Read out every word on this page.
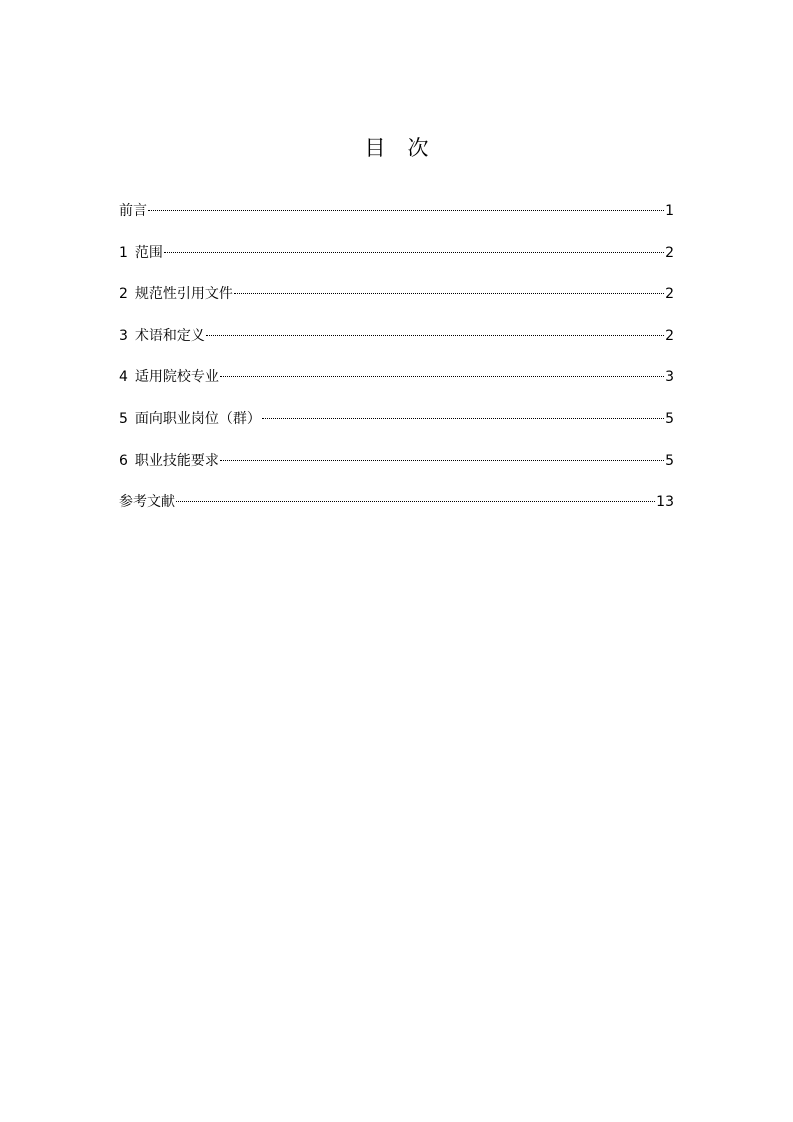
目 次
前言	1
1 范围	2
2 规范性引用文件	2
3 术语和定义	2
4 适用院校专业	3
5 面向职业岗位（群）	5
6 职业技能要求	5
参考文献	13
